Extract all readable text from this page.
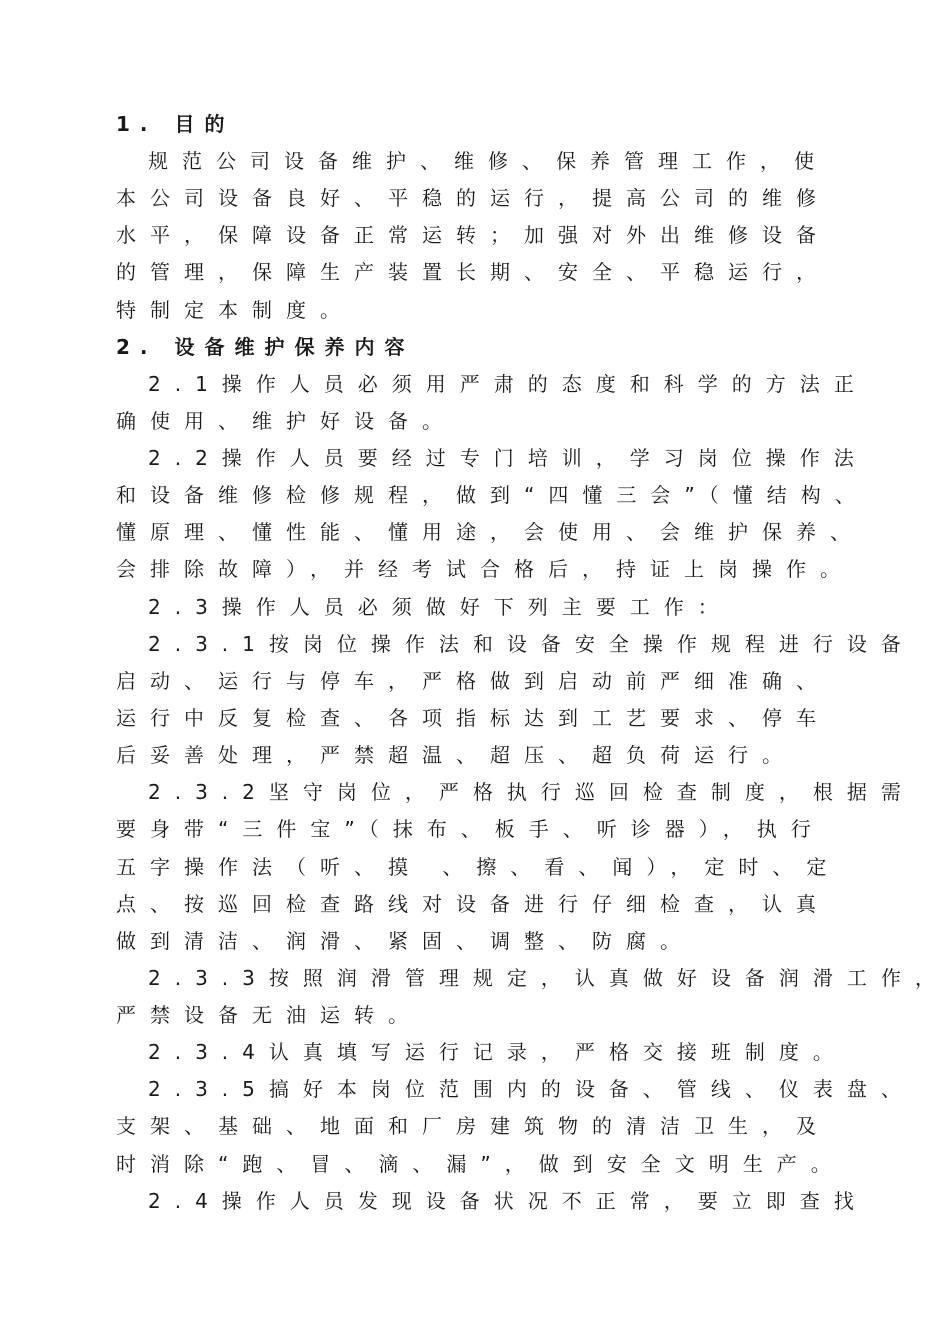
1. 目的
规范公司设备维护、维修、保养管理工作，使
本公司设备良好、平稳的运行，提高公司的维修
水平，保障设备正常运转；加强对外出维修设备
的管理，保障生产装置长期、安全、平稳运行，
特制定本制度。
2. 设备维护保养内容
2.1操作人员必须用严肃的态度和科学的方法正
确使用、维护好设备。
2.2操作人员要经过专门培训，学习岗位操作法
和设备维修检修规程，做到“四懂三会”（懂结构、
懂原理、懂性能、懂用途，会使用、会维护保养、
会排除故障），并经考试合格后，持证上岗操作。
2.3操作人员必须做好下列主要工作：
2.3.1按岗位操作法和设备安全操作规程进行设备
启动、运行与停车，严格做到启动前严细准确、
运行中反复检查、各项指标达到工艺要求、停车
后妥善处理，严禁超温、超压、超负荷运行。
2.3.2坚守岗位，严格执行巡回检查制度，根据需
要身带“三件宝”（抹布、板手、听诊器），执行
五字操作法（听、摸 、擦、看、闻），定时、定
点、按巡回检查路线对设备进行仔细检查，认真
做到清洁、润滑、紧固、调整、防腐。
2.3.3按照润滑管理规定，认真做好设备润滑工作，
严禁设备无油运转。
2.3.4认真填写运行记录，严格交接班制度。
2.3.5搞好本岗位范围内的设备、管线、仪表盘、
支架、基础、地面和厂房建筑物的清洁卫生，及
时消除“跑、冒、滴、漏”，做到安全文明生产。
2.4操作人员发现设备状况不正常，要立即查找
